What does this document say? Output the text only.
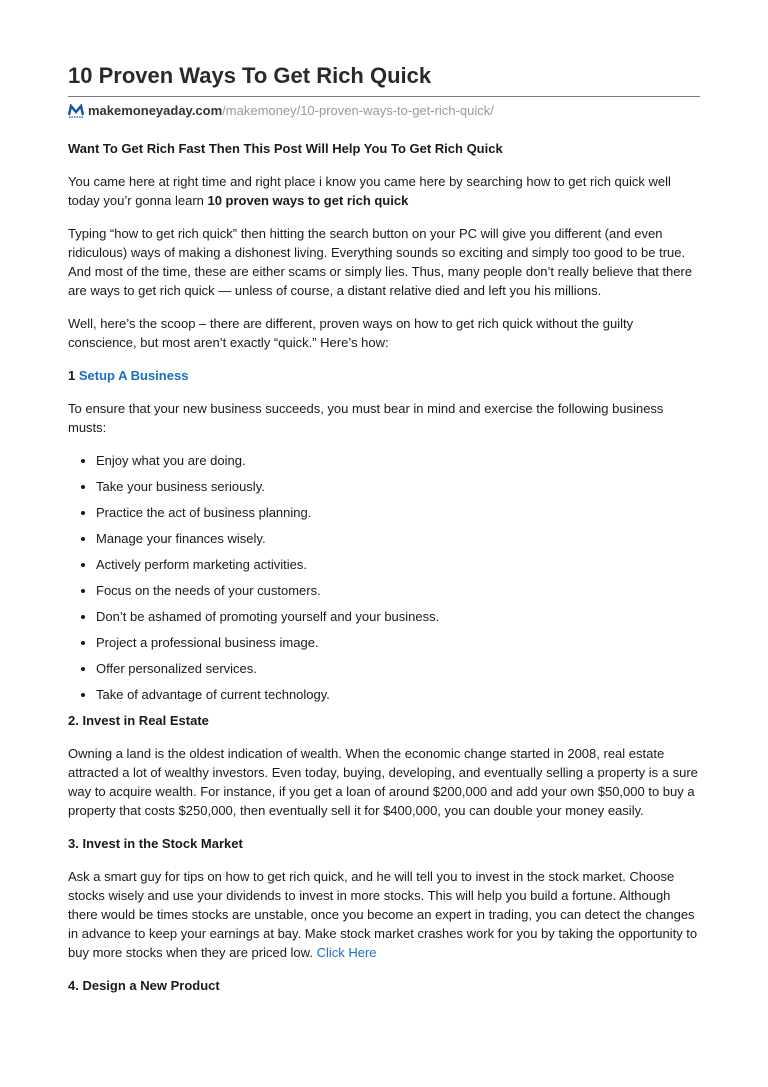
10 Proven Ways To Get Rich Quick
makemoneyaday.com /makemoney/10-proven-ways-to-get-rich-quick/

Want To Get Rich Fast Then This Post Will Help You To Get Rich Quick

You came here at right time and right place i know you came here by searching how to get rich quick well today you’r gonna learn 10 proven ways to get rich quick

Typing “how to get rich quick” then hitting the search button on your PC will give you different (and even ridiculous) ways of making a dishonest living. Everything sounds so exciting and simply too good to be true. And most of the time, these are either scams or simply lies. Thus, many people don’t really believe that there are ways to get rich quick — unless of course, a distant relative died and left you his millions.

Well, here’s the scoop – there are different, proven ways on how to get rich quick without the guilty conscience, but most aren’t exactly “quick.” Here’s how:

1 Setup A Business

To ensure that your new business succeeds, you must bear in mind and exercise the following business musts:

• Enjoy what you are doing.
• Take your business seriously.
• Practice the act of business planning.
• Manage your finances wisely.
• Actively perform marketing activities.
• Focus on the needs of your customers.
• Don’t be ashamed of promoting yourself and your business.
• Project a professional business image.
• Offer personalized services.
• Take of advantage of current technology.
2. Invest in Real Estate

Owning a land is the oldest indication of wealth. When the economic change started in 2008, real estate attracted a lot of wealthy investors. Even today, buying, developing, and eventually selling a property is a sure way to acquire wealth. For instance, if you get a loan of around $200,000 and add your own $50,000 to buy a property that costs $250,000, then eventually sell it for $400,000, you can double your money easily.

3. Invest in the Stock Market

Ask a smart guy for tips on how to get rich quick, and he will tell you to invest in the stock market. Choose stocks wisely and use your dividends to invest in more stocks. This will help you build a fortune. Although there would be times stocks are unstable, once you become an expert in trading, you can detect the changes in advance to keep your earnings at bay. Make stock market crashes work for you by taking the opportunity to buy more stocks when they are priced low. Click Here

4. Design a New Product
